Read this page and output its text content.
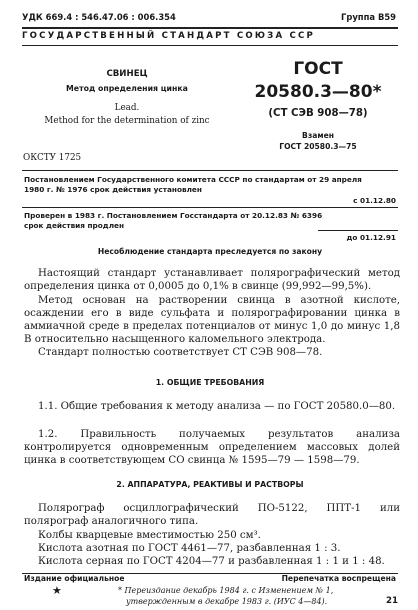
УДК 669.4 : 546.47.06 : 006.354	Группа В59
ГОСУДАРСТВЕННЫЙ СТАНДАРТ СОЮЗА ССР
СВИНЕЦ
Метод определения цинка
Lead.
Method for the determination of zinc
ОКСТУ 1725
ГОСТ
20580.3—80*
(СТ СЭВ 908—78)
Взамен
ГОСТ 20580.3—75
Постановлением Государственного комитета СССР по стандартам от 29 апреля
1980 г. № 1976 срок действия установлен
с 01.12.80
Проверен в 1983 г. Постановлением Госстандарта от 20.12.83 № 6396
срок действия продлен
до 01.12.91
Несоблюдение стандарта преследуется по закону
Настоящий стандарт устанавливает полярографический метод определения цинка от 0,0005 до 0,1% в свинце (99,992—99,5%).
Метод основан на растворении свинца в азотной кислоте, осаждении его в виде сульфата и полярографировании цинка в аммиачной среде в пределах потенциалов от минус 1,0 до минус 1,8 В относительно насыщенного каломельного электрода.
Стандарт полностью соответствует СТ СЭВ 908—78.
1. ОБЩИЕ ТРЕБОВАНИЯ
1.1. Общие требования к методу анализа — по ГОСТ 20580.0—80.
1.2. Правильность получаемых результатов анализа контролируется одновременным определением массовых долей цинка в соответствующем СО свинца № 1595—79 — 1598—79.
2. АППАРАТУРА, РЕАКТИВЫ И РАСТВОРЫ
Полярограф осциллографический ПО-5122, ППТ-1 или полярограф аналогичного типа.
Колбы кварцевые вместимостью 250 см³.
Кислота азотная по ГОСТ 4461—77, разбавленная 1 : 3.
Кислота серная по ГОСТ 4204—77 и разбавленная 1 : 1 и 1 : 48.
Издание официальное	Перепечатка воспрещена
★	* Переиздание декабрь 1984 г. с Изменением № 1,
утвержденным в декабре 1983 г. (ИУС 4—84).	21
